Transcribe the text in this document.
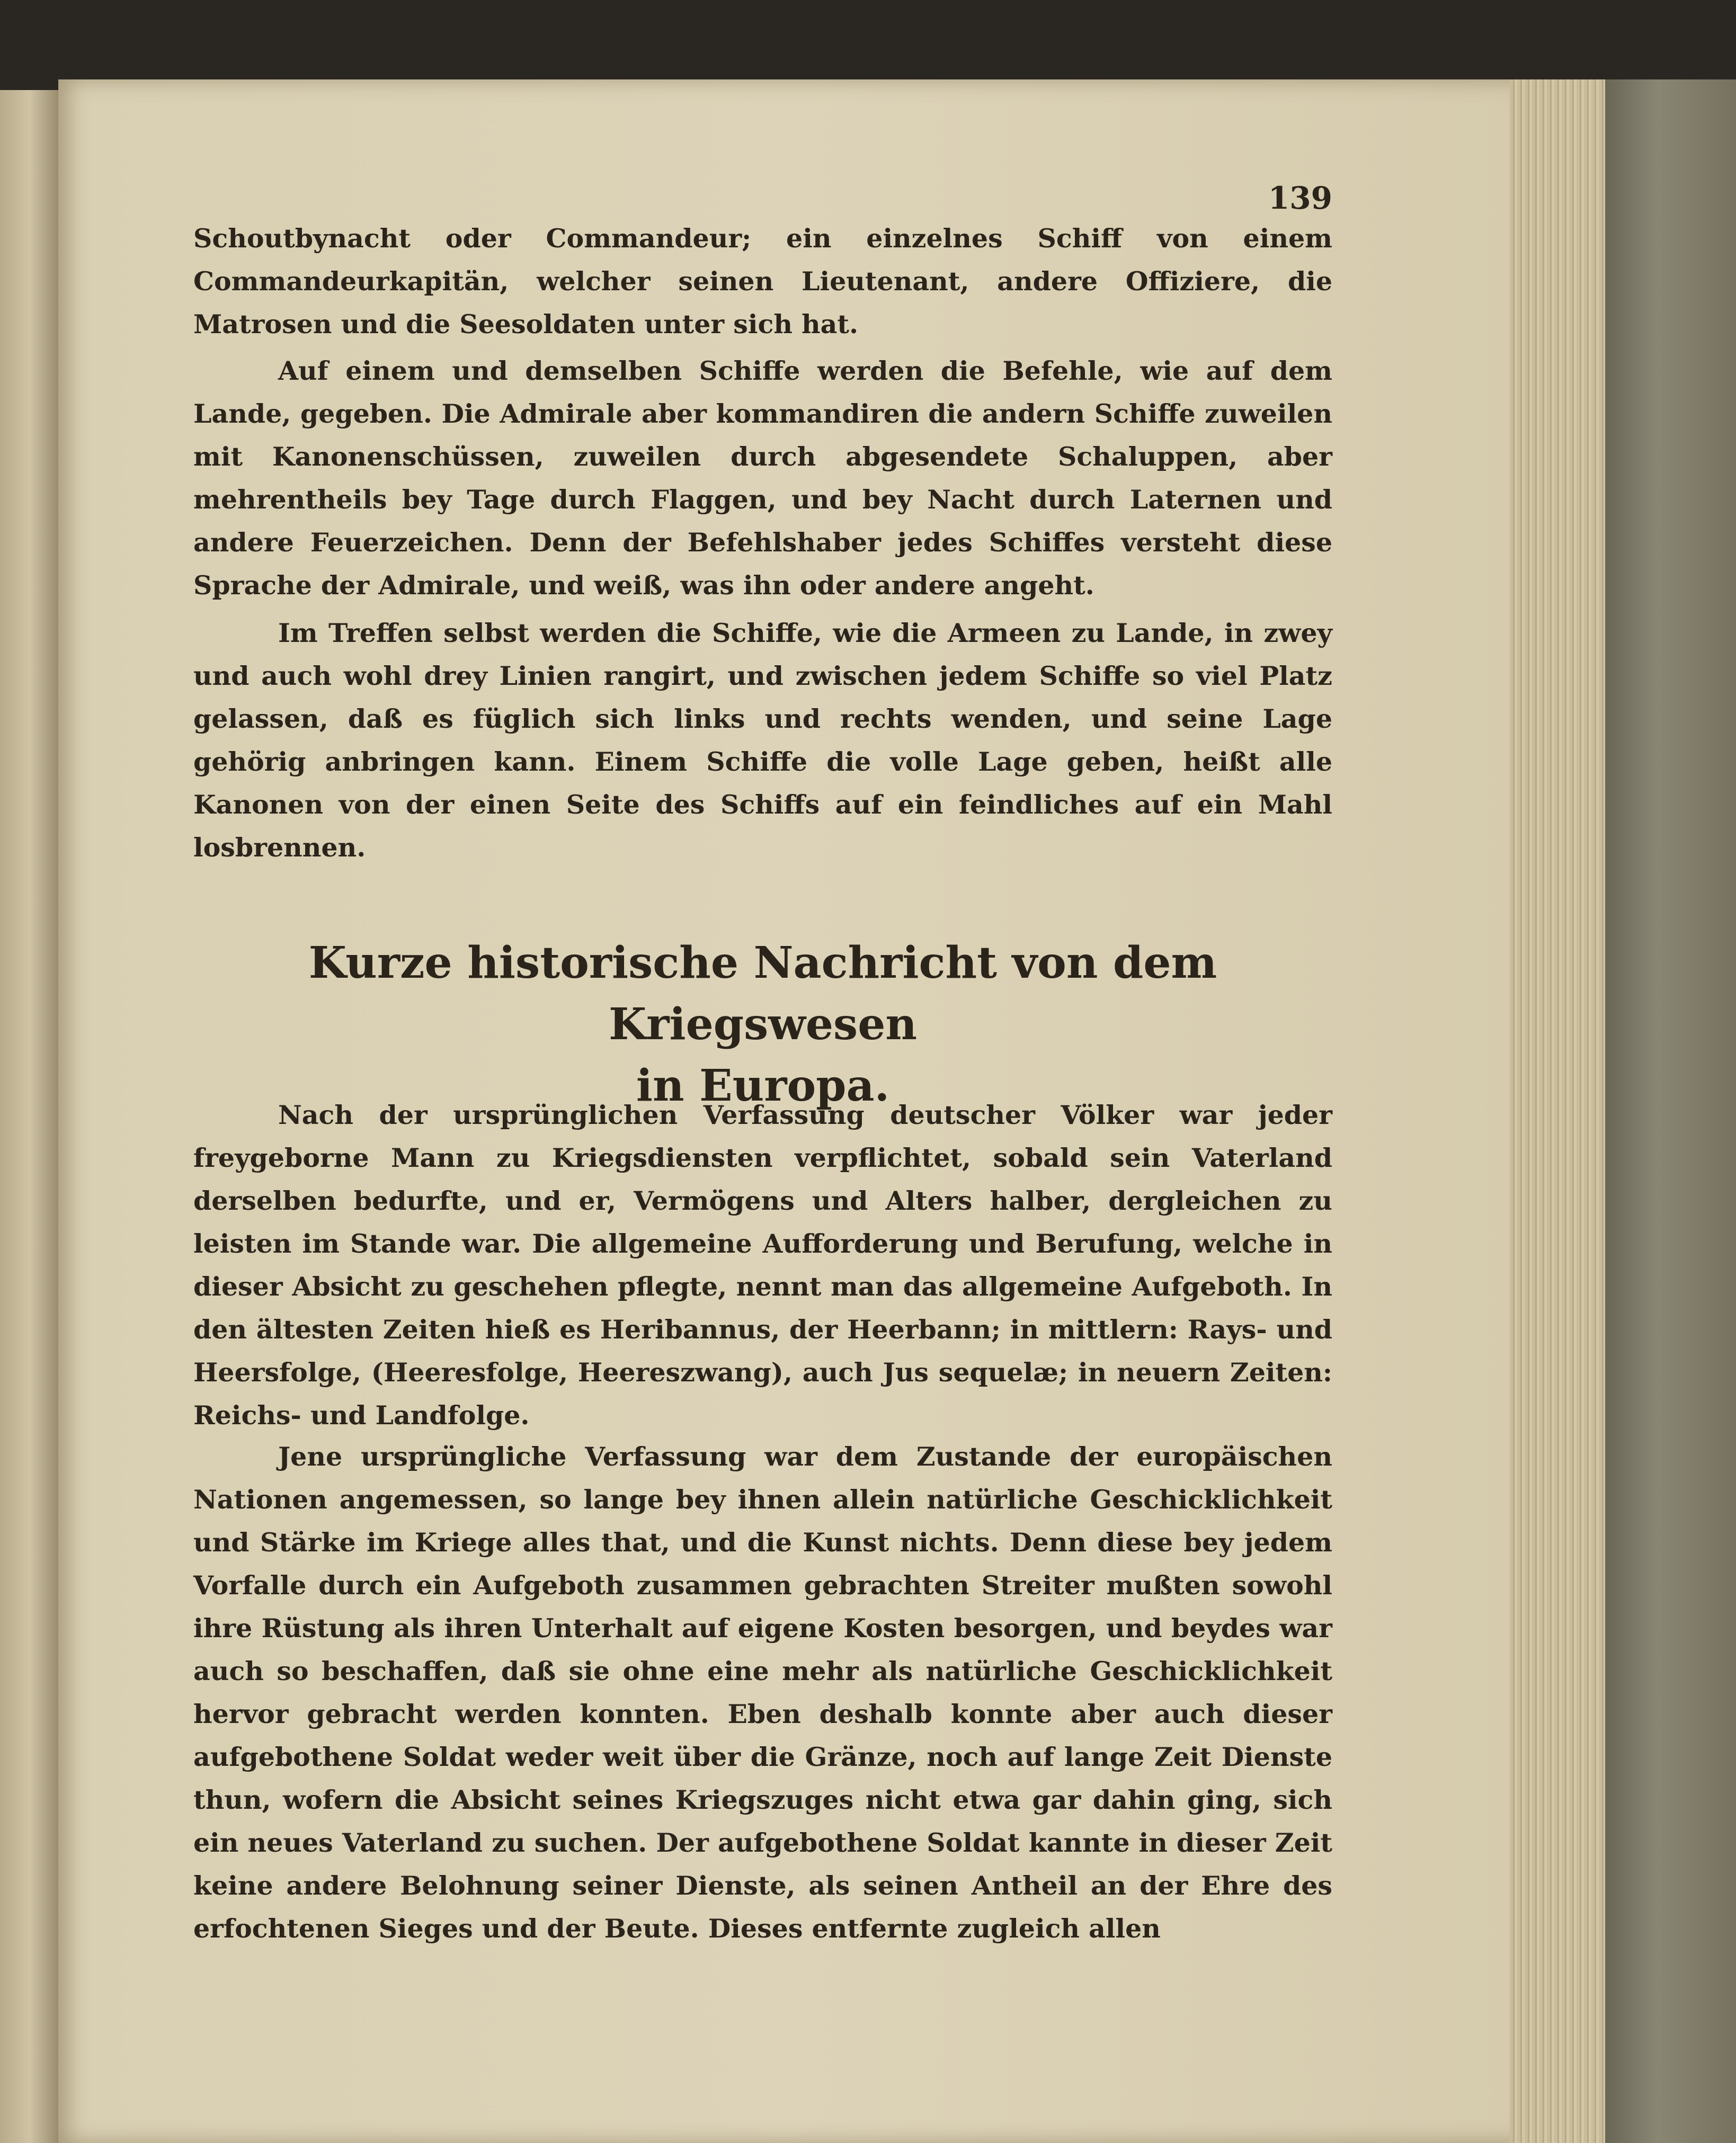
139

Schoutbynacht oder Commandeur; ein einzelnes Schiff von einem Commandeurkapitän, welcher seinen Lieutenant, andere Offiziere, die Matrosen und die Seesoldaten unter sich hat.

Auf einem und demselben Schiffe werden die Befehle, wie auf dem Lande, gegeben. Die Admirale aber kommandiren die andern Schiffe zuweilen mit Kanonenschüssen, zuweilen durch abgesendete Schaluppen, aber mehrentheils bey Tage durch Flaggen, und bey Nacht durch Laternen und andere Feuerzeichen. Denn der Befehlshaber jedes Schiffes versteht diese Sprache der Admirale, und weiß, was ihn oder andere angeht.

Im Treffen selbst werden die Schiffe, wie die Armeen zu Lande, in zwey und auch wohl drey Linien rangirt, und zwischen jedem Schiffe so viel Platz gelassen, daß es füglich sich links und rechts wenden, und seine Lage gehörig anbringen kann. Einem Schiffe die volle Lage geben, heißt alle Kanonen von der einen Seite des Schiffs auf ein feindliches auf ein Mahl losbrennen.

Kurze historische Nachricht von dem Kriegswesen
in Europa.

Nach der ursprünglichen Verfassung deutscher Völker war jeder freygeborne Mann zu Kriegsdiensten verpflichtet, sobald sein Vaterland derselben bedurfte, und er, Vermögens und Alters halber, dergleichen zu leisten im Stande war. Die allgemeine Aufforderung und Berufung, welche in dieser Absicht zu geschehen pflegte, nennt man das allgemeine Aufgeboth. In den ältesten Zeiten hieß es Heribannus, der Heerbann; in mittlern: Rays- und Heersfolge, (Heeresfolge, Heereszwang), auch Jus sequelæ; in neuern Zeiten: Reichs- und Landfolge.

Jene ursprüngliche Verfassung war dem Zustande der europäischen Nationen angemessen, so lange bey ihnen allein natürliche Geschicklichkeit und Stärke im Kriege alles that, und die Kunst nichts. Denn diese bey jedem Vorfalle durch ein Aufgeboth zusammen gebrachten Streiter mußten sowohl ihre Rüstung als ihren Unterhalt auf eigene Kosten besorgen, und beydes war auch so beschaffen, daß sie ohne eine mehr als natürliche Geschicklichkeit hervor gebracht werden konnten. Eben deshalb konnte aber auch dieser aufgebothene Soldat weder weit über die Gränze, noch auf lange Zeit Dienste thun, wofern die Absicht seines Kriegszuges nicht etwa gar dahin ging, sich ein neues Vaterland zu suchen. Der aufgebothene Soldat kannte in dieser Zeit keine andere Belohnung seiner Dienste, als seinen Antheil an der Ehre des erfochtenen Sieges und der Beute. Dieses entfernte zugleich allen
